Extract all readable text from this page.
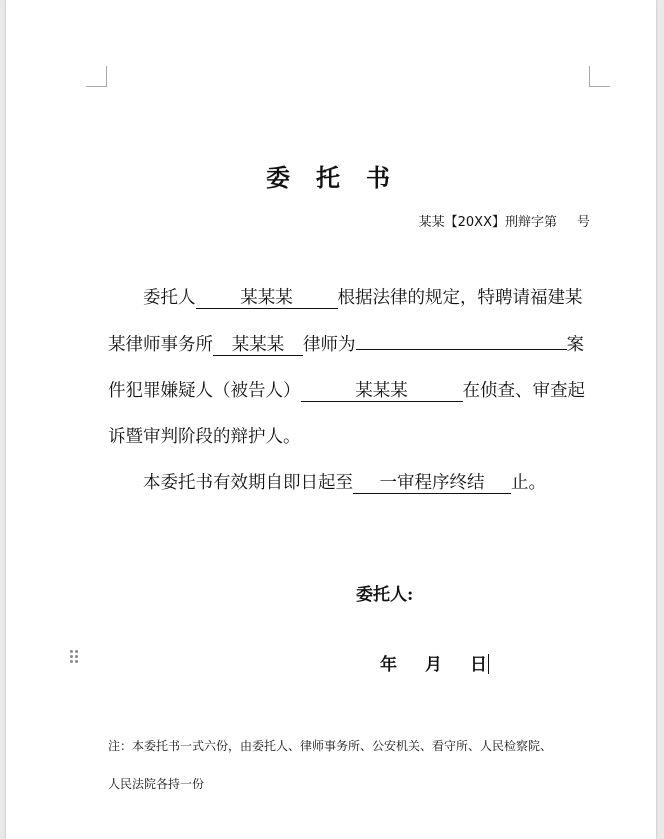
委托书
某某【20XX】刑辩字第 号
委托人	某某某	根据法律的规定，特聘请福建某
某律师事务所 某某某 律师为	案
件犯罪嫌疑人（被告人）	某某某	在侦查、审查起
诉暨审判阶段的辩护人。
本委托书有效期自即日起至 一审程序终结 止。
委托人:
年 月 日
注：本委托书一式六份，由委托人、律师事务所、公安机关、看守所、人民检察院、
人民法院各持一份
